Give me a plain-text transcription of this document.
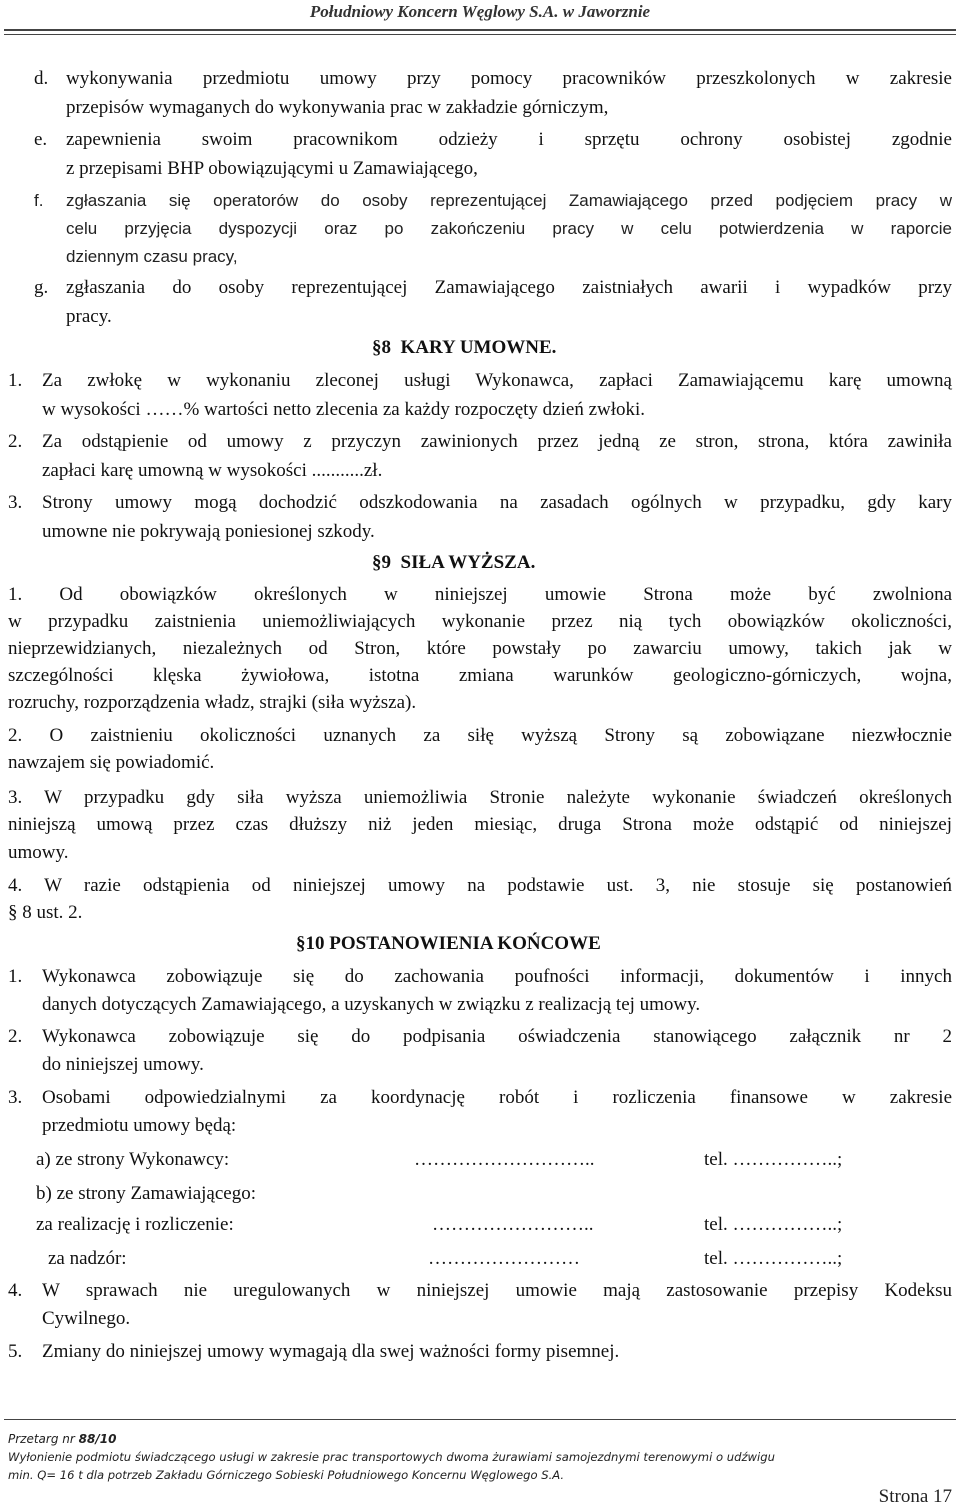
Południowy Koncern Węglowy S.A. w Jaworznie
d. wykonywania przedmiotu umowy przy pomocy pracowników przeszkolonych w zakresie
przepisów wymaganych do wykonywania prac w zakładzie górniczym,
e. zapewnienia swoim pracownikom odzieży i sprzętu ochrony osobistej zgodnie
z przepisami BHP obowiązującymi u Zamawiającego,
f. zgłaszania się operatorów do osoby reprezentującej Zamawiającego przed podjęciem pracy w
celu przyjęcia dyspozycji oraz po zakończeniu pracy w celu potwierdzenia w raporcie
dziennym czasu pracy,
g. zgłaszania do osoby reprezentującej Zamawiającego zaistniałych awarii i wypadków przy
pracy.
§8 KARY UMOWNE.
1. Za zwłokę w wykonaniu zleconej usługi Wykonawca, zapłaci Zamawiającemu karę umowną
w wysokości ……% wartości netto zlecenia za każdy rozpoczęty dzień zwłoki.
2. Za odstąpienie od umowy z przyczyn zawinionych przez jedną ze stron, strona, która zawiniła
zapłaci karę umowną w wysokości ...........zł.
3. Strony umowy mogą dochodzić odszkodowania na zasadach ogólnych w przypadku, gdy kary
umowne nie pokrywają poniesionej szkody.
§9 SIŁA WYŻSZA.
1. Od obowiązków określonych w niniejszej umowie Strona może być zwolniona
w przypadku zaistnienia uniemożliwiających wykonanie przez nią tych obowiązków okoliczności,
nieprzewidzianych, niezależnych od Stron, które powstały po zawarciu umowy, takich jak w
szczególności klęska żywiołowa, istotna zmiana warunków geologiczno-górniczych, wojna,
rozruchy, rozporządzenia władz, strajki (siła wyższa).
2. O zaistnieniu okoliczności uznanych za siłę wyższą Strony są zobowiązane niezwłocznie
nawzajem się powiadomić.
3. W przypadku gdy siła wyższa uniemożliwia Stronie należyte wykonanie świadczeń określonych
niniejszą umową przez czas dłuższy niż jeden miesiąc, druga Strona może odstąpić od niniejszej
umowy.
4. W razie odstąpienia od niniejszej umowy na podstawie ust. 3, nie stosuje się postanowień
§ 8 ust. 2.
§10 POSTANOWIENIA KOŃCOWE
1. Wykonawca zobowiązuje się do zachowania poufności informacji, dokumentów i innych
danych dotyczących Zamawiającego, a uzyskanych w związku z realizacją tej umowy.
2. Wykonawca zobowiązuje się do podpisania oświadczenia stanowiącego załącznik nr 2
do niniejszej umowy.
3. Osobami odpowiedzialnymi za koordynację robót i rozliczenia finansowe w zakresie
przedmiotu umowy będą:
a) ze strony Wykonawcy:	………………………..	tel. ……………..;
b) ze strony Zamawiającego:
za realizację i rozliczenie:	……………………..	tel. ……………..;
za nadzór:	……………………	tel. ……………..;
4. W sprawach nie uregulowanych w niniejszej umowie mają zastosowanie przepisy Kodeksu
Cywilnego.
5. Zmiany do niniejszej umowy wymagają dla swej ważności formy pisemnej.
Przetarg nr 88/10
Wyłonienie podmiotu świadczącego usługi w zakresie prac transportowych dwoma żurawiami samojezdnymi terenowymi o udźwigu
min. Q= 16 t dla potrzeb Zakładu Górniczego Sobieski Południowego Koncernu Węglowego S.A.
Strona 17
